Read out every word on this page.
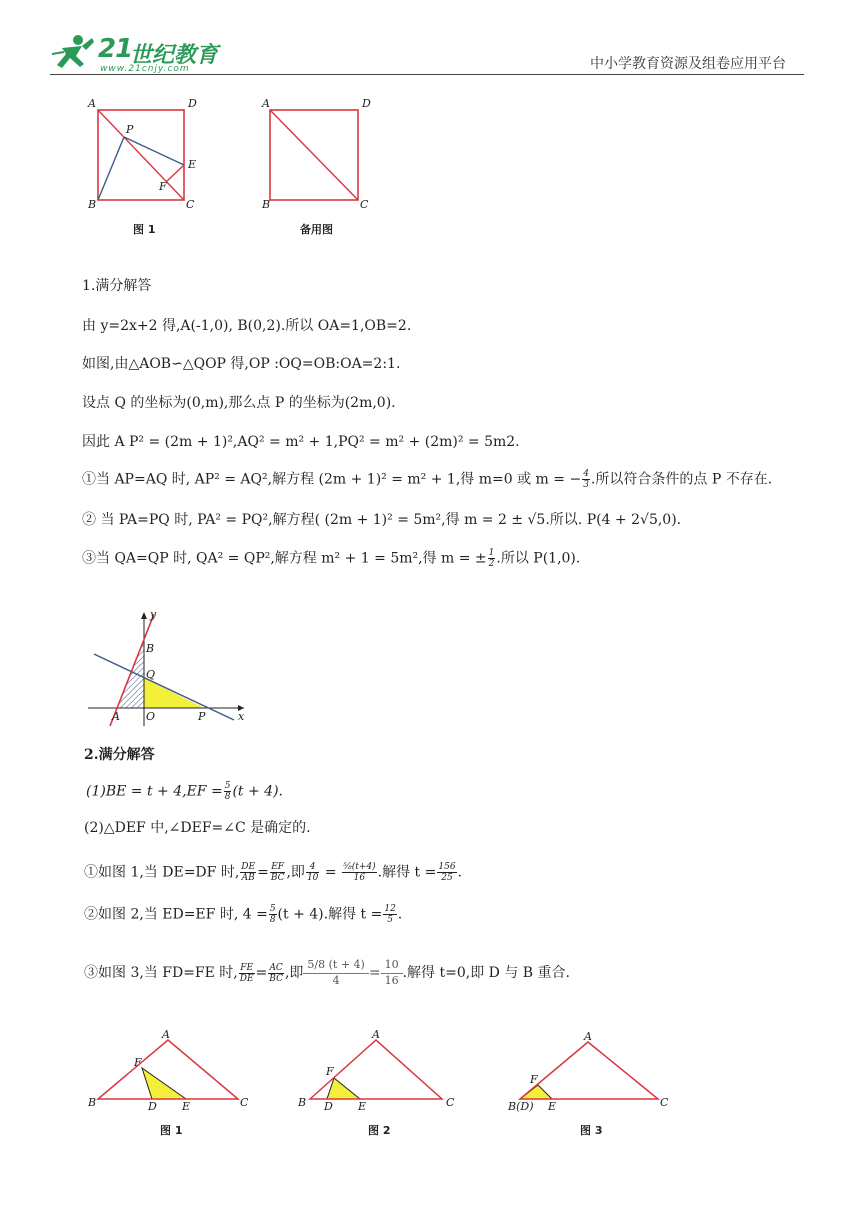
21
世纪教育
www.21cnjy.com	中小学教育资源及组卷应用平台
A	D
P
E
F
B	C
A	D
B	C
图 1	备用图
1.满分解答
由 y=2x+2 得,A(-1,0), B(0,2).所以 OA=1,OB=2.
如图,由△AOB∽△QOP 得,OP :OQ=OB:OA=2:1.
设点 Q 的坐标为(0,m),那么点 P 的坐标为(2m,0).
因此 A P² = (2m + 1)²,AQ² = m² + 1,PQ² = m² + (2m)² = 5m2.
①当 AP=AQ 时, AP² = AQ²,解方程 (2m + 1)² = m² + 1,得 m=0 或 m = − $\frac{4}{3}$ .所以符合条件的点 P 不存在.
② 当 PA=PQ 时, PA² = PQ²,解方程( (2m + 1)² = 5m²,得 m = 2 ± √5.所以. P(4 + 2√5,0).
③当 QA=QP 时, QA² = QP²,解方程 m² + 1 = 5m²,得 m = ± $\frac{1}{2}$ .所以 P(1,0).
y
B
Q
A O	P	x
2.满分解答
$(1)BE = t + 4,EF = \frac{5}{8} (t + 4)$.
(2)△DEF 中,∠DEF=∠C 是确定的.
①如图 1,当 DE=DF 时, $\frac{DE}{AB} = \frac{EF}{BC}$ ,即 $\frac{4}{10} = \frac{\text{⁵⁄₈(t+4)}}{16}$ .解得 $t = \frac{156}{25}$ .
②如图 2,当 ED=EF 时, $4 = \frac{5}{8} (t + 4)$.解得 $t = \frac{12}{5}$ .
③如图 3,当 FD=FE 时, $\frac{FE}{DE} = \frac{AC}{BC}$ ,即 $\frac{5/8 (t + 4)}{4} = \frac{10}{16}$ .解得 t=0,即 D 与 B 重合.
A
F
B	D E	C
A
F
B D E	C
A
F
B(D) E	C
图 1	图 2	图 3
